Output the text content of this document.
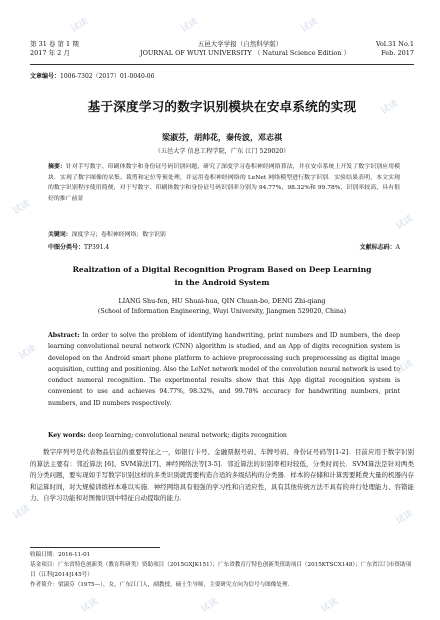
第 31 卷 第 1 期
2017 年 2 月
五邑大学学报（自然科学版）
JOURNAL OF WUYI UNIVERSITY （ Natural Science Edition ）
Vol.31 No.1
Feb. 2017
文章编号：1006-7302（2017）01-0040-06
基于深度学习的数字识别模块在安卓系统的实现
梁淑芬，胡帅花，秦传波，邓志祺
（五邑大学 信息工程学院，广东 江门 529020）
摘要：针对手写数字、印刷体数字和身份证号码识别问题，研究了深度学习卷积神经网络算法，并在安卓系统上开发了数字识别应用模块．实现了数字图像的采集、裁剪和定位等预处理，并运用卷积神经网络的 LeNet 网络模型进行数字识别．实验结果表明，本文实现的数字识别程序使用简便，对于写数字、印刷体数字和身份证号码识别率分别为 94.77%、98.32%和 99.78%，识别率较高，具有很好的推广前景
关键词：深度学习；卷积神经网络；数字识别
中图分类号：TP391.4	文献标志码：A
Realization of a Digital Recognition Program Based on Deep Learning
in the Android System
LIANG Shu-fen, HU Shuai-hua, QIN Chuan-bo, DENG Zhi-qiang
(School of Information Engineering, Wuyi University, Jiangmen 529020, China)
Abstract: In order to solve the problem of identifying handwriting, print numbers and ID numbers, the deep learning convolutional neural network (CNN) algorithm is studied, and an App of digits recognition system is developed on the Android smart phone platform to achieve preprocessing such preprocessing as digital image acquisition, cutting and positioning. Also the LeNet network model of the convolution neural network is used to conduct numeral recognition. The experimental results show that this App digital recognition system is convenient to use and achieves 94.77%, 98.32%, and 99.78% accuracy for handwriting numbers, print numbers, and ID numbers respectively.
Key words: deep learning; convolutional neural network; digits recognition
数字序列号是代表物品信息的重要特征之一，如银行卡号、金融票据号码、车牌号码、身份证号码等[1-2]．目前应用于数字识别的算法主要有：邻近算法 [6]、SVM算法[7]、神经网络法等[3-5]．邻近算法的识别率相对较低，分类时间长．SVM算法是针对两类的分类问题，要实现如手写数字识别这样的多类识别就需要构造合适的多级结构的分类器．样本的存储和计算需要耗费大量的机器内存和运算时间，对大规模训练样本难以实施．神经网络具有很强的学习性和自适应性，具有其他传统方法不具有的并行处理能力、容错能力、自学习功能和对图像识别中特征自动提取的能力．
收稿日期：2016-11-01
基金项目：广东省特色创新类（教育科研类）资助项目（2015GXJK151）；广东省教育厅特色创新类资助项目（2015KTSCX148）；广东省江门市资助项目（江科[2014]145号）
作者简介：梁淑芬（1975—），女，广东江门人，副教授，硕士生导师，主要研究方向为信号与图像处理．
试读	试读	试读
试读
试读
试读
试读
试读
试读	试读
试读	试读	试读
